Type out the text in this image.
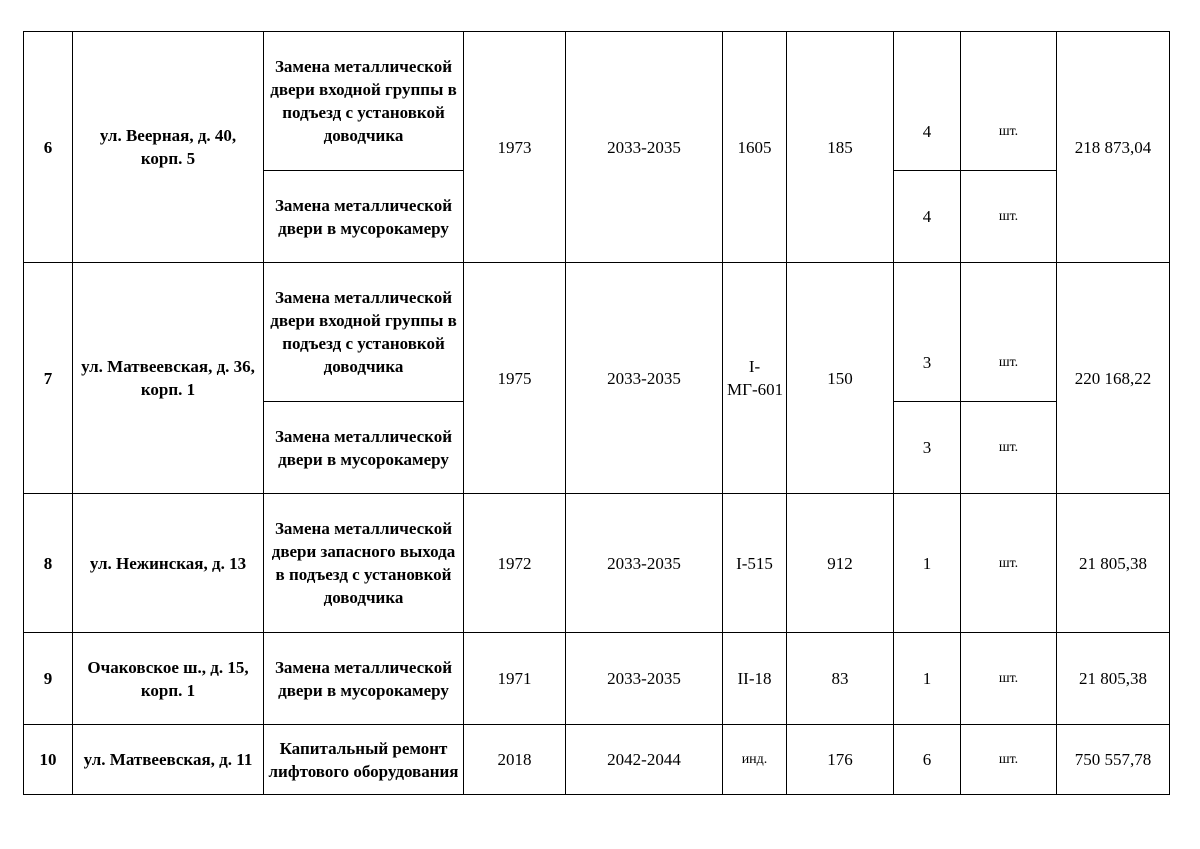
6	ул. Веерная, д. 40, корп. 5	Замена металлической двери входной группы в подъезд с установкой доводчика	1973	2033-2035	1605	185	4	шт.	218 873,04
		Замена металлической двери в мусорокамеру					4	шт.	
7	ул. Матвеевская, д. 36, корп. 1	Замена металлической двери входной группы в подъезд с установкой доводчика	1975	2033-2035	I-МГ-601	150	3	шт.	220 168,22
		Замена металлической двери в мусорокамеру					3	шт.	
8	ул. Нежинская, д. 13	Замена металлической двери запасного выхода в подъезд с установкой доводчика	1972	2033-2035	I-515	912	1	шт.	21 805,38
9	Очаковское ш., д. 15, корп. 1	Замена металлической двери в мусорокамеру	1971	2033-2035	II-18	83	1	шт.	21 805,38
10	ул. Матвеевская, д. 11	Капитальный ремонт лифтового оборудования	2018	2042-2044	инд.	176	6	шт.	750 557,78
